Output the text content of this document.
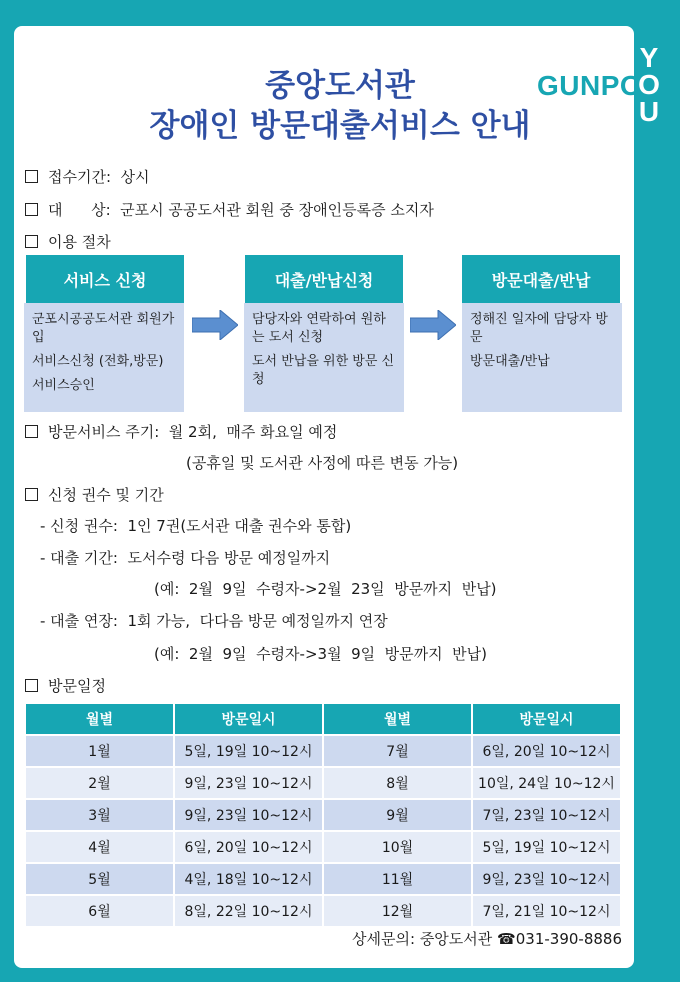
GUNPO
Y
O
U
중앙도서관
장애인 방문대출서비스 안내
접수기간:  상시
대      상:  군포시 공공도서관 회원 중 장애인등록증 소지자
이용 절차
서비스 신청
군포시공공도서관 회원가입
서비스신청 (전화,방문)
서비스승인
대출/반납신청
담당자와 연락하여 원하는 도서 신청
도서 반납을 위한 방문 신청
방문대출/반납
정해진 일자에 담당자 방문
방문대출/반납
방문서비스 주기:  월 2회,  매주 화요일 예정
(공휴일 및 도서관 사정에 따른 변동 가능)
신청 권수 및 기간
- 신청 권수:  1인 7권(도서관 대출 권수와 통합)
- 대출 기간:  도서수령 다음 방문 예정일까지
(예:  2월  9일  수령자->2월  23일  방문까지  반납)
- 대출 연장:  1회 가능,  다다음 방문 예정일까지 연장
(예:  2월  9일  수령자->3월  9일  방문까지  반납)
방문일정
월별	방문일시	월별	방문일시
1월	5일, 19일 10~12시	7월	6일, 20일 10~12시
2월	9일, 23일 10~12시	8월	10일, 24일 10~12시
3월	9일, 23일 10~12시	9월	7일, 23일 10~12시
4월	6일, 20일 10~12시	10월	5일, 19일 10~12시
5월	4일, 18일 10~12시	11월	9일, 23일 10~12시
6월	8일, 22일 10~12시	12월	7일, 21일 10~12시
상세문의: 중앙도서관 ☎031-390-8886
